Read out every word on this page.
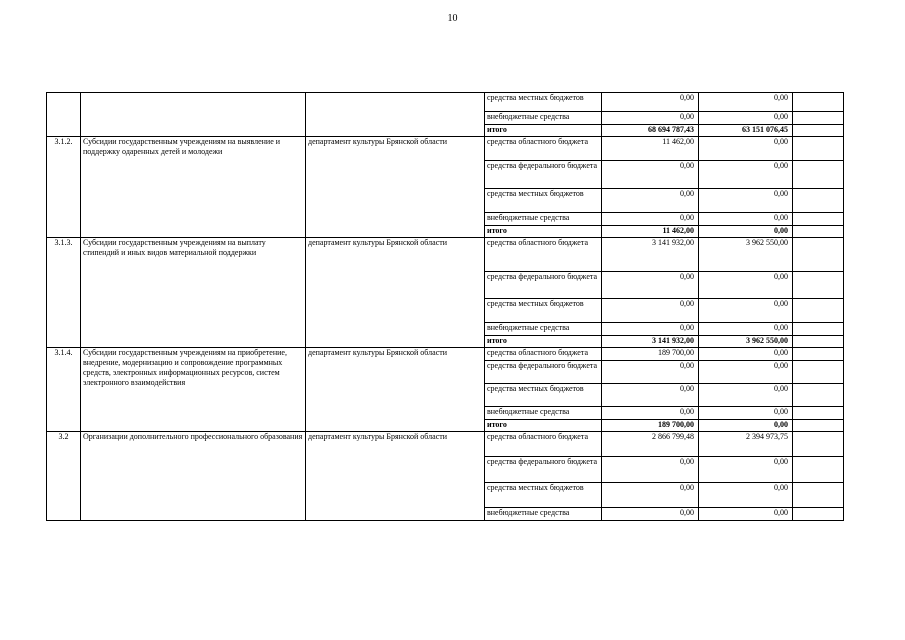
10
			средства местных бюджетов	0,00	0,00	
			внебюджетные средства	0,00	0,00	
			итого	68 694 787,43	63 151 076,45	
3.1.2.	Субсидии государственным учреждениям на выявление и поддержку одаренных детей и молодежи	департамент культуры Брянской области	средства областного бюджета	11 462,00	0,00	
			средства федерального бюджета	0,00	0,00	
			средства местных бюджетов	0,00	0,00	
			внебюджетные средства	0,00	0,00	
			итого	11 462,00	0,00	
3.1.3.	Субсидии государственным учреждениям на выплату стипендий и иных видов материальной поддержки	департамент культуры Брянской области	средства областного бюджета	3 141 932,00	3 962 550,00	
			средства федерального бюджета	0,00	0,00	
			средства местных бюджетов	0,00	0,00	
			внебюджетные средства	0,00	0,00	
			итого	3 141 932,00	3 962 550,00	
3.1.4.	Субсидии государственным учреждениям на приобретение, внедрение, модернизацию и сопровождение программных средств, электронных информационных ресурсов, систем электронного взаимодействия	департамент культуры Брянской области	средства областного бюджета	189 700,00	0,00	
			средства федерального бюджета	0,00	0,00	
			средства местных бюджетов	0,00	0,00	
			внебюджетные средства	0,00	0,00	
			итого	189 700,00	0,00	
3.2	Организации дополнительного профессионального образования	департамент культуры Брянской области	средства областного бюджета	2 866 799,48	2 394 973,75	
			средства федерального бюджета	0,00	0,00	
			средства местных бюджетов	0,00	0,00	
			внебюджетные средства	0,00	0,00	
